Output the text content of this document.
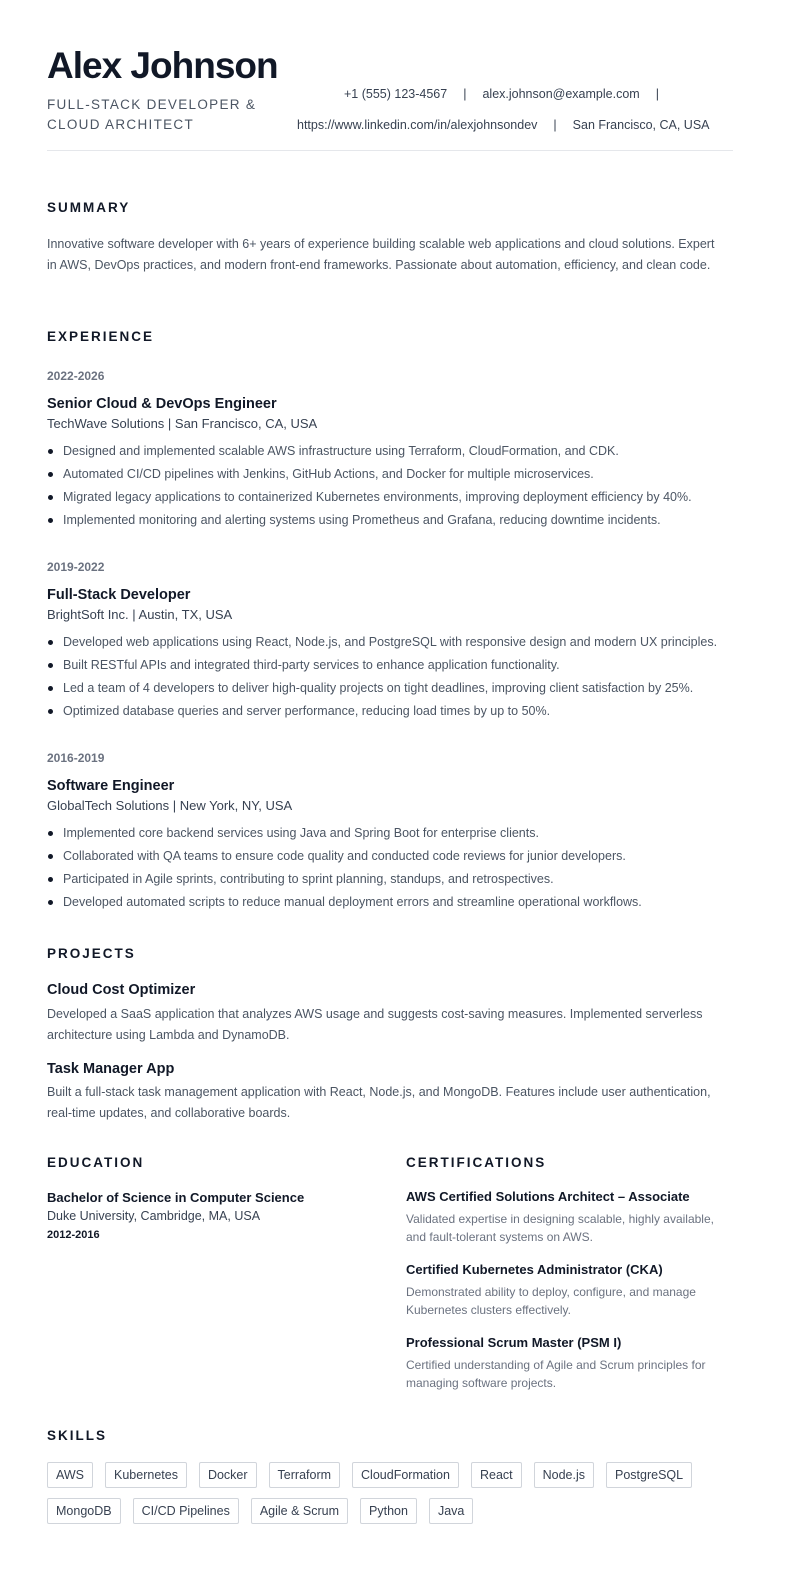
Alex Johnson
FULL-STACK DEVELOPER & CLOUD ARCHITECT
+1 (555) 123-4567 | alex.johnson@example.com |
https://www.linkedin.com/in/alexjohnsondev | San Francisco, CA, USA
SUMMARY
Innovative software developer with 6+ years of experience building scalable web applications and cloud solutions. Expert in AWS, DevOps practices, and modern front-end frameworks. Passionate about automation, efficiency, and clean code.
EXPERIENCE
2022-2026
Senior Cloud & DevOps Engineer
TechWave Solutions | San Francisco, CA, USA
Designed and implemented scalable AWS infrastructure using Terraform, CloudFormation, and CDK.
Automated CI/CD pipelines with Jenkins, GitHub Actions, and Docker for multiple microservices.
Migrated legacy applications to containerized Kubernetes environments, improving deployment efficiency by 40%.
Implemented monitoring and alerting systems using Prometheus and Grafana, reducing downtime incidents.
2019-2022
Full-Stack Developer
BrightSoft Inc. | Austin, TX, USA
Developed web applications using React, Node.js, and PostgreSQL with responsive design and modern UX principles.
Built RESTful APIs and integrated third-party services to enhance application functionality.
Led a team of 4 developers to deliver high-quality projects on tight deadlines, improving client satisfaction by 25%.
Optimized database queries and server performance, reducing load times by up to 50%.
2016-2019
Software Engineer
GlobalTech Solutions | New York, NY, USA
Implemented core backend services using Java and Spring Boot for enterprise clients.
Collaborated with QA teams to ensure code quality and conducted code reviews for junior developers.
Participated in Agile sprints, contributing to sprint planning, standups, and retrospectives.
Developed automated scripts to reduce manual deployment errors and streamline operational workflows.
PROJECTS
Cloud Cost Optimizer
Developed a SaaS application that analyzes AWS usage and suggests cost-saving measures. Implemented serverless architecture using Lambda and DynamoDB.
Task Manager App
Built a full-stack task management application with React, Node.js, and MongoDB. Features include user authentication, real-time updates, and collaborative boards.
EDUCATION
Bachelor of Science in Computer Science
Duke University, Cambridge, MA, USA
2012-2016
CERTIFICATIONS
AWS Certified Solutions Architect – Associate
Validated expertise in designing scalable, highly available, and fault-tolerant systems on AWS.
Certified Kubernetes Administrator (CKA)
Demonstrated ability to deploy, configure, and manage Kubernetes clusters effectively.
Professional Scrum Master (PSM I)
Certified understanding of Agile and Scrum principles for managing software projects.
SKILLS
AWS	Kubernetes	Docker	Terraform	CloudFormation	React	Node.js	PostgreSQL
MongoDB	CI/CD Pipelines	Agile & Scrum	Python	Java
